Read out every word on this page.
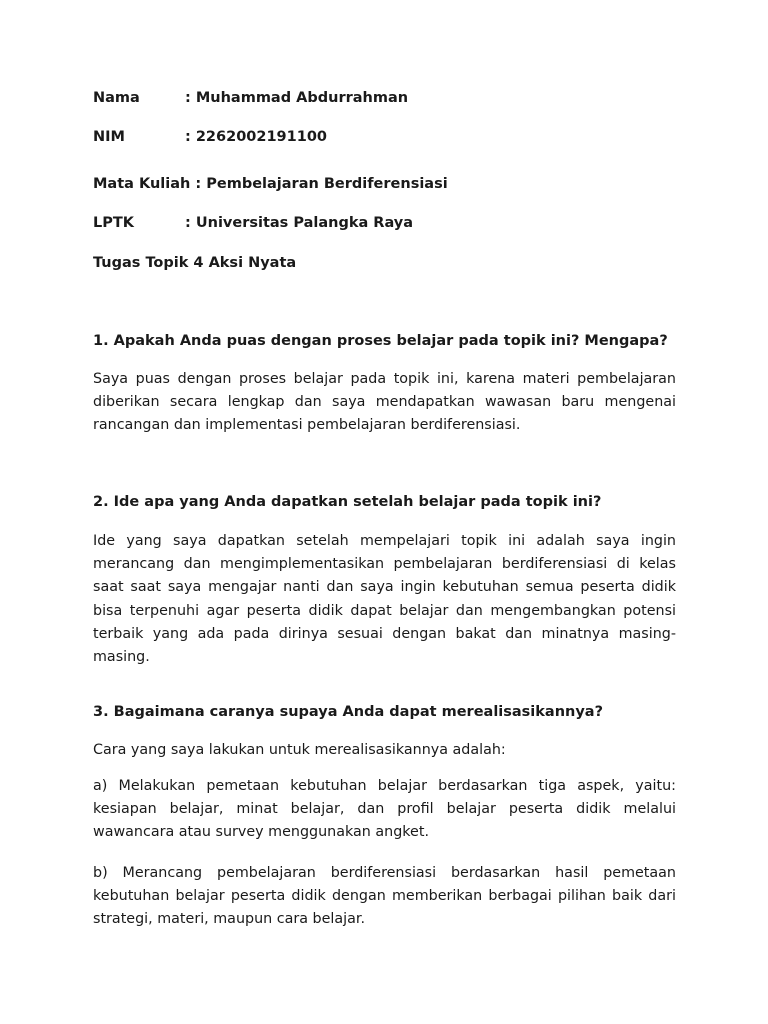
Nama	: Muhammad Abdurrahman
NIM	: 2262002191100
Mata Kuliah : Pembelajaran Berdiferensiasi
LPTK	: Universitas Palangka Raya
Tugas Topik 4 Aksi Nyata
1. Apakah Anda puas dengan proses belajar pada topik ini? Mengapa?

Saya puas dengan proses belajar pada topik ini, karena materi pembelajaran diberikan secara lengkap dan saya mendapatkan wawasan baru mengenai rancangan dan implementasi pembelajaran berdiferensiasi.

2. Ide apa yang Anda dapatkan setelah belajar pada topik ini?

Ide yang saya dapatkan setelah mempelajari topik ini adalah saya ingin merancang dan mengimplementasikan pembelajaran berdiferensiasi di kelas saat saat saya mengajar nanti dan saya ingin kebutuhan semua peserta didik bisa terpenuhi agar peserta didik dapat belajar dan mengembangkan potensi terbaik yang ada pada dirinya sesuai dengan bakat dan minatnya masing-masing.

3. Bagaimana caranya supaya Anda dapat merealisasikannya?

Cara yang saya lakukan untuk merealisasikannya adalah:

a) Melakukan pemetaan kebutuhan belajar berdasarkan tiga aspek, yaitu: kesiapan belajar, minat belajar, dan profil belajar peserta didik melalui wawancara atau survey menggunakan angket.

b) Merancang pembelajaran berdiferensiasi berdasarkan hasil pemetaan kebutuhan belajar peserta didik dengan memberikan berbagai pilihan baik dari strategi, materi, maupun cara belajar.
